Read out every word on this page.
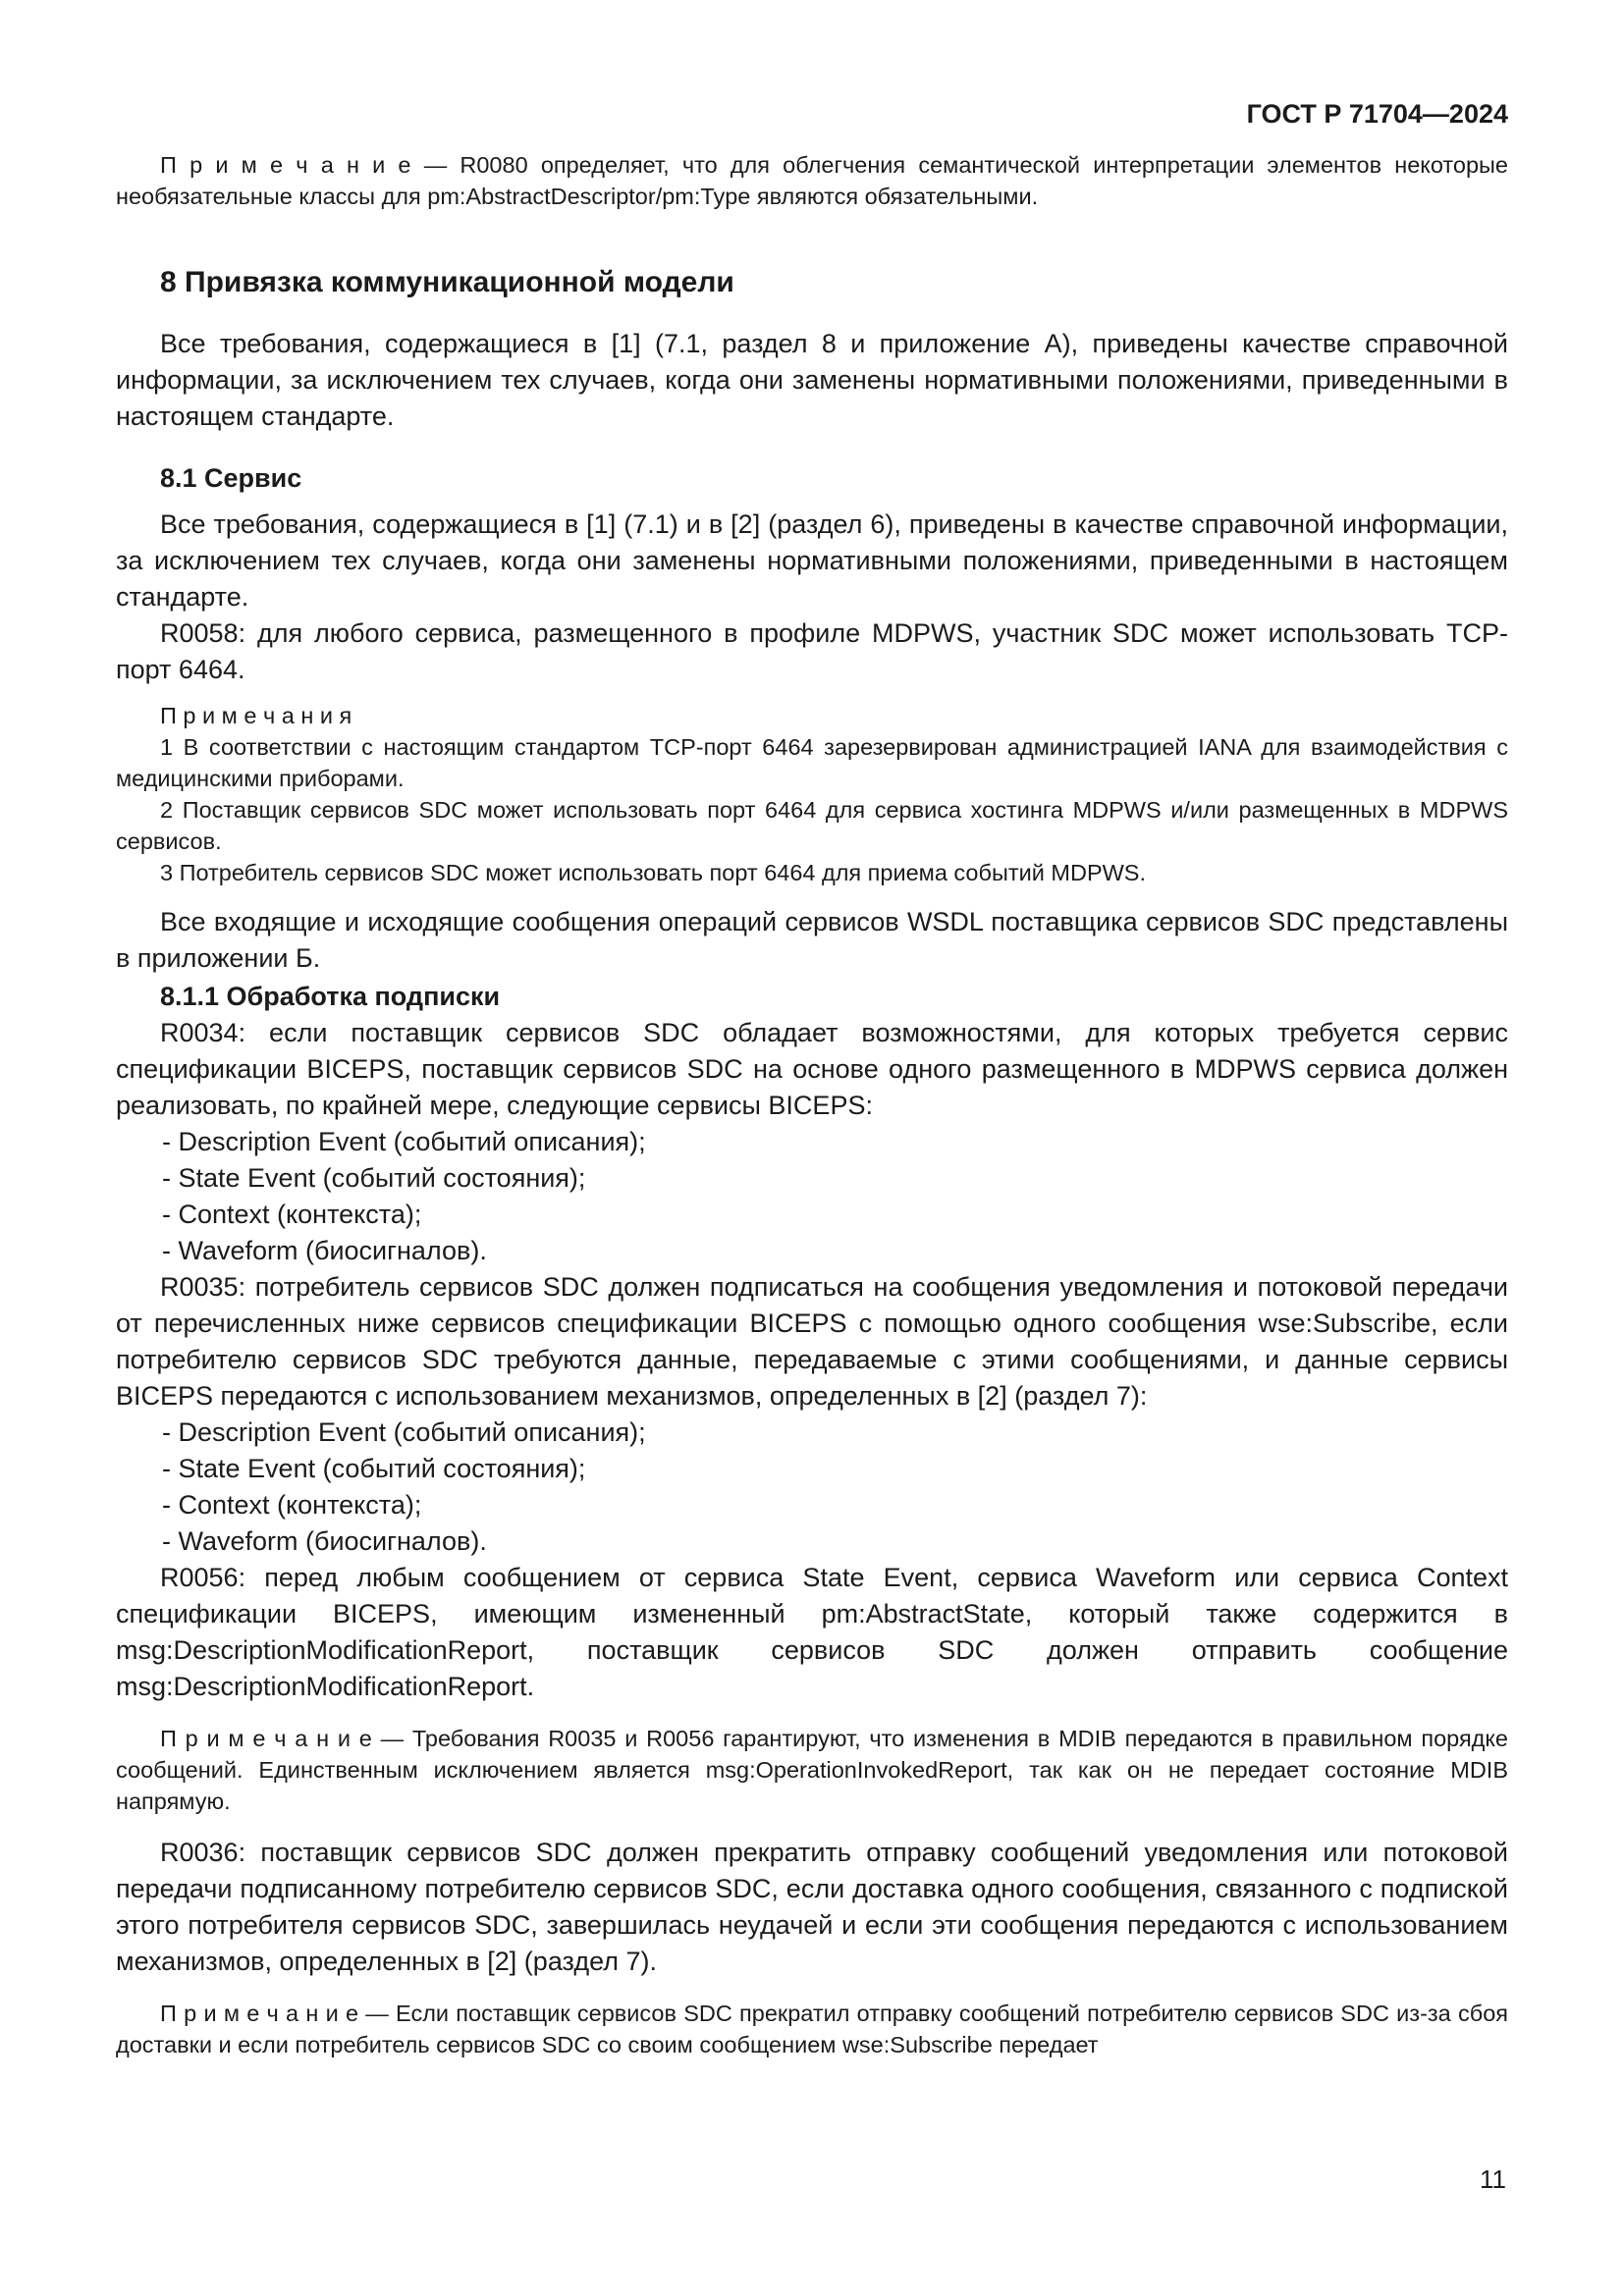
ГОСТ Р 71704—2024

П р и м е ч а н и е — R0080 определяет, что для облегчения семантической интерпретации элементов некоторые необязательные классы для pm:AbstractDescriptor/pm:Type являются обязательными.

8 Привязка коммуникационной модели

Все требования, содержащиеся в [1] (7.1, раздел 8 и приложение А), приведены качестве справочной информации, за исключением тех случаев, когда они заменены нормативными положениями, приведенными в настоящем стандарте.

8.1 Сервис

Все требования, содержащиеся в [1] (7.1) и в [2] (раздел 6), приведены в качестве справочной информации, за исключением тех случаев, когда они заменены нормативными положениями, приведенными в настоящем стандарте.

R0058: для любого сервиса, размещенного в профиле MDPWS, участник SDC может использовать TCP-порт 6464.

П р и м е ч а н и я

1 В соответствии с настоящим стандартом TCP-порт 6464 зарезервирован администрацией IANA для взаимодействия с медицинскими приборами.

2 Поставщик сервисов SDC может использовать порт 6464 для сервиса хостинга MDPWS и/или размещенных в MDPWS сервисов.

3 Потребитель сервисов SDC может использовать порт 6464 для приема событий MDPWS.

Все входящие и исходящие сообщения операций сервисов WSDL поставщика сервисов SDC представлены в приложении Б.

8.1.1 Обработка подписки

R0034: если поставщик сервисов SDC обладает возможностями, для которых требуется сервис спецификации BICEPS, поставщик сервисов SDC на основе одного размещенного в MDPWS сервиса должен реализовать, по крайней мере, следующие сервисы BICEPS:

- Description Event (событий описания);

- State Event (событий состояния);

- Context (контекста);

- Waveform (биосигналов).

R0035: потребитель сервисов SDC должен подписаться на сообщения уведомления и потоковой передачи от перечисленных ниже сервисов спецификации BICEPS с помощью одного сообщения wse:Subscribe, если потребителю сервисов SDC требуются данные, передаваемые с этими сообщениями, и данные сервисы BICEPS передаются с использованием механизмов, определенных в [2] (раздел 7):

- Description Event (событий описания);

- State Event (событий состояния);

- Context (контекста);

- Waveform (биосигналов).

R0056: перед любым сообщением от сервиса State Event, сервиса Waveform или сервиса Context спецификации BICEPS, имеющим измененный pm:AbstractState, который также содержится в msg:DescriptionModificationReport, поставщик сервисов SDC должен отправить сообщение msg:DescriptionModificationReport.

П р и м е ч а н и е — Требования R0035 и R0056 гарантируют, что изменения в MDIB передаются в правильном порядке сообщений. Единственным исключением является msg:OperationInvokedReport, так как он не передает состояние MDIB напрямую.

R0036: поставщик сервисов SDC должен прекратить отправку сообщений уведомления или потоковой передачи подписанному потребителю сервисов SDC, если доставка одного сообщения, связанного с подпиской этого потребителя сервисов SDC, завершилась неудачей и если эти сообщения передаются с использованием механизмов, определенных в [2] (раздел 7).

П р и м е ч а н и е — Если поставщик сервисов SDC прекратил отправку сообщений потребителю сервисов SDC из-за сбоя доставки и если потребитель сервисов SDC со своим сообщением wse:Subscribe передает

11
